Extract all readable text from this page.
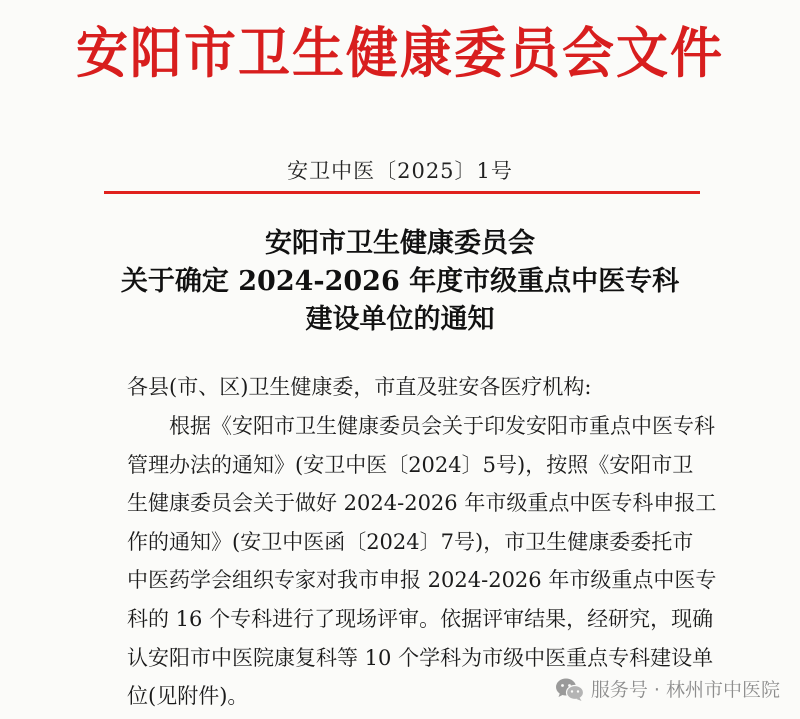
安阳市卫生健康委员会文件
安卫中医〔2025〕1号
安阳市卫生健康委员会
关于确定 2024-2026 年度市级重点中医专科
建设单位的通知
各县(市、区)卫生健康委，市直及驻安各医疗机构:
根据《安阳市卫生健康委员会关于印发安阳市重点中医专科
管理办法的通知》(安卫中医〔2024〕5号)，按照《安阳市卫
生健康委员会关于做好 2024-2026 年市级重点中医专科申报工
作的通知》(安卫中医函〔2024〕7号)，市卫生健康委委托市
中医药学会组织专家对我市申报 2024-2026 年市级重点中医专
科的 16 个专科进行了现场评审。依据评审结果，经研究，现确
认安阳市中医院康复科等 10 个学科为市级中医重点专科建设单
位(见附件)。	服务号 · 林州市中医院
